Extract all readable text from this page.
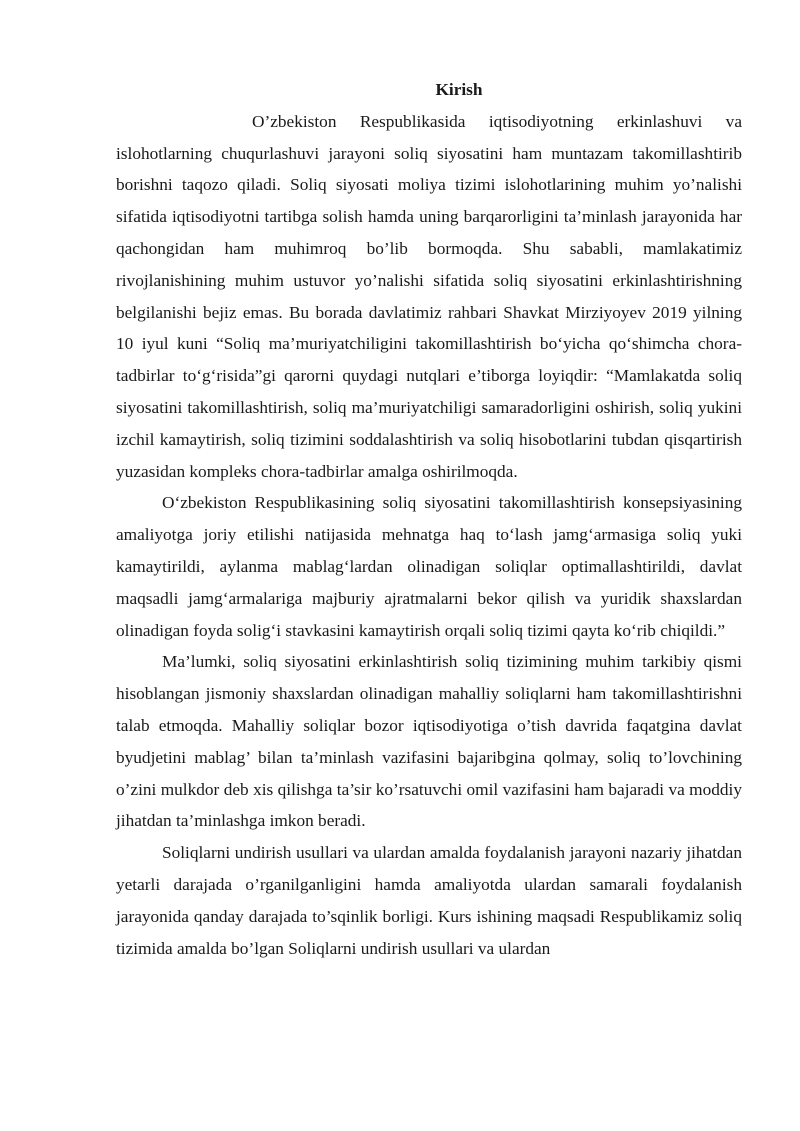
Kirish

O’zbekiston Respublikasida iqtisodiyotning erkinlashuvi va islohotlarning chuqurlashuvi jarayoni soliq siyosatini ham muntazam takomillashtirib borishni taqozo qiladi. Soliq siyosati moliya tizimi islohotlarining muhim yo’nalishi sifatida iqtisodiyotni tartibga solish hamda uning barqarorligini ta’minlash jarayonida har qachongidan ham muhimroq bo’lib bormoqda. Shu sababli, mamlakatimiz rivojlanishining muhim ustuvor yo’nalishi sifatida soliq siyosatini erkinlashtirishning belgilanishi bejiz emas. Bu borada davlatimiz rahbari Shavkat Mirziyoyev 2019 yilning 10 iyul kuni “Soliq ma’muriyatchiligini takomillashtirish bo‘yicha qo‘shimcha chora-tadbirlar to‘g‘risida”gi qarorni quydagi nutqlari e’tiborga loyiqdir: “Mamlakatda soliq siyosatini takomillashtirish, soliq ma’muriyatchiligi samaradorligini oshirish, soliq yukini izchil kamaytirish, soliq tizimini soddalashtirish va soliq hisobotlarini tubdan qisqartirish yuzasidan kompleks chora-tadbirlar amalga oshirilmoqda.

O‘zbekiston Respublikasining soliq siyosatini takomillashtirish konsepsiyasining amaliyotga joriy etilishi natijasida mehnatga haq to‘lash jamg‘armasiga soliq yuki kamaytirildi, aylanma mablag‘lardan olinadigan soliqlar optimallashtirildi, davlat maqsadli jamg‘armalariga majburiy ajratmalarni bekor qilish va yuridik shaxslardan olinadigan foyda solig‘i stavkasini kamaytirish orqali soliq tizimi qayta ko‘rib chiqildi.”

Ma’lumki, soliq siyosatini erkinlashtirish soliq tizimining muhim tarkibiy qismi hisoblangan jismoniy shaxslardan olinadigan mahalliy soliqlarni ham takomillashtirishni talab etmoqda. Mahalliy soliqlar bozor iqtisodiyotiga o’tish davrida faqatgina davlat byudjetini mablag’ bilan ta’minlash vazifasini bajaribgina qolmay, soliq to’lovchining o’zini mulkdor deb xis qilishga ta’sir ko’rsatuvchi omil vazifasini ham bajaradi va moddiy jihatdan ta’minlashga imkon beradi.

Soliqlarni undirish usullari va ulardan amalda foydalanish jarayoni nazariy jihatdan yetarli darajada o’rganilganligini hamda amaliyotda ulardan samarali foydalanish jarayonida qanday darajada to’sqinlik borligi. Kurs ishining maqsadi Respublikamiz soliq tizimida amalda bo’lgan Soliqlarni undirish usullari va ulardan
